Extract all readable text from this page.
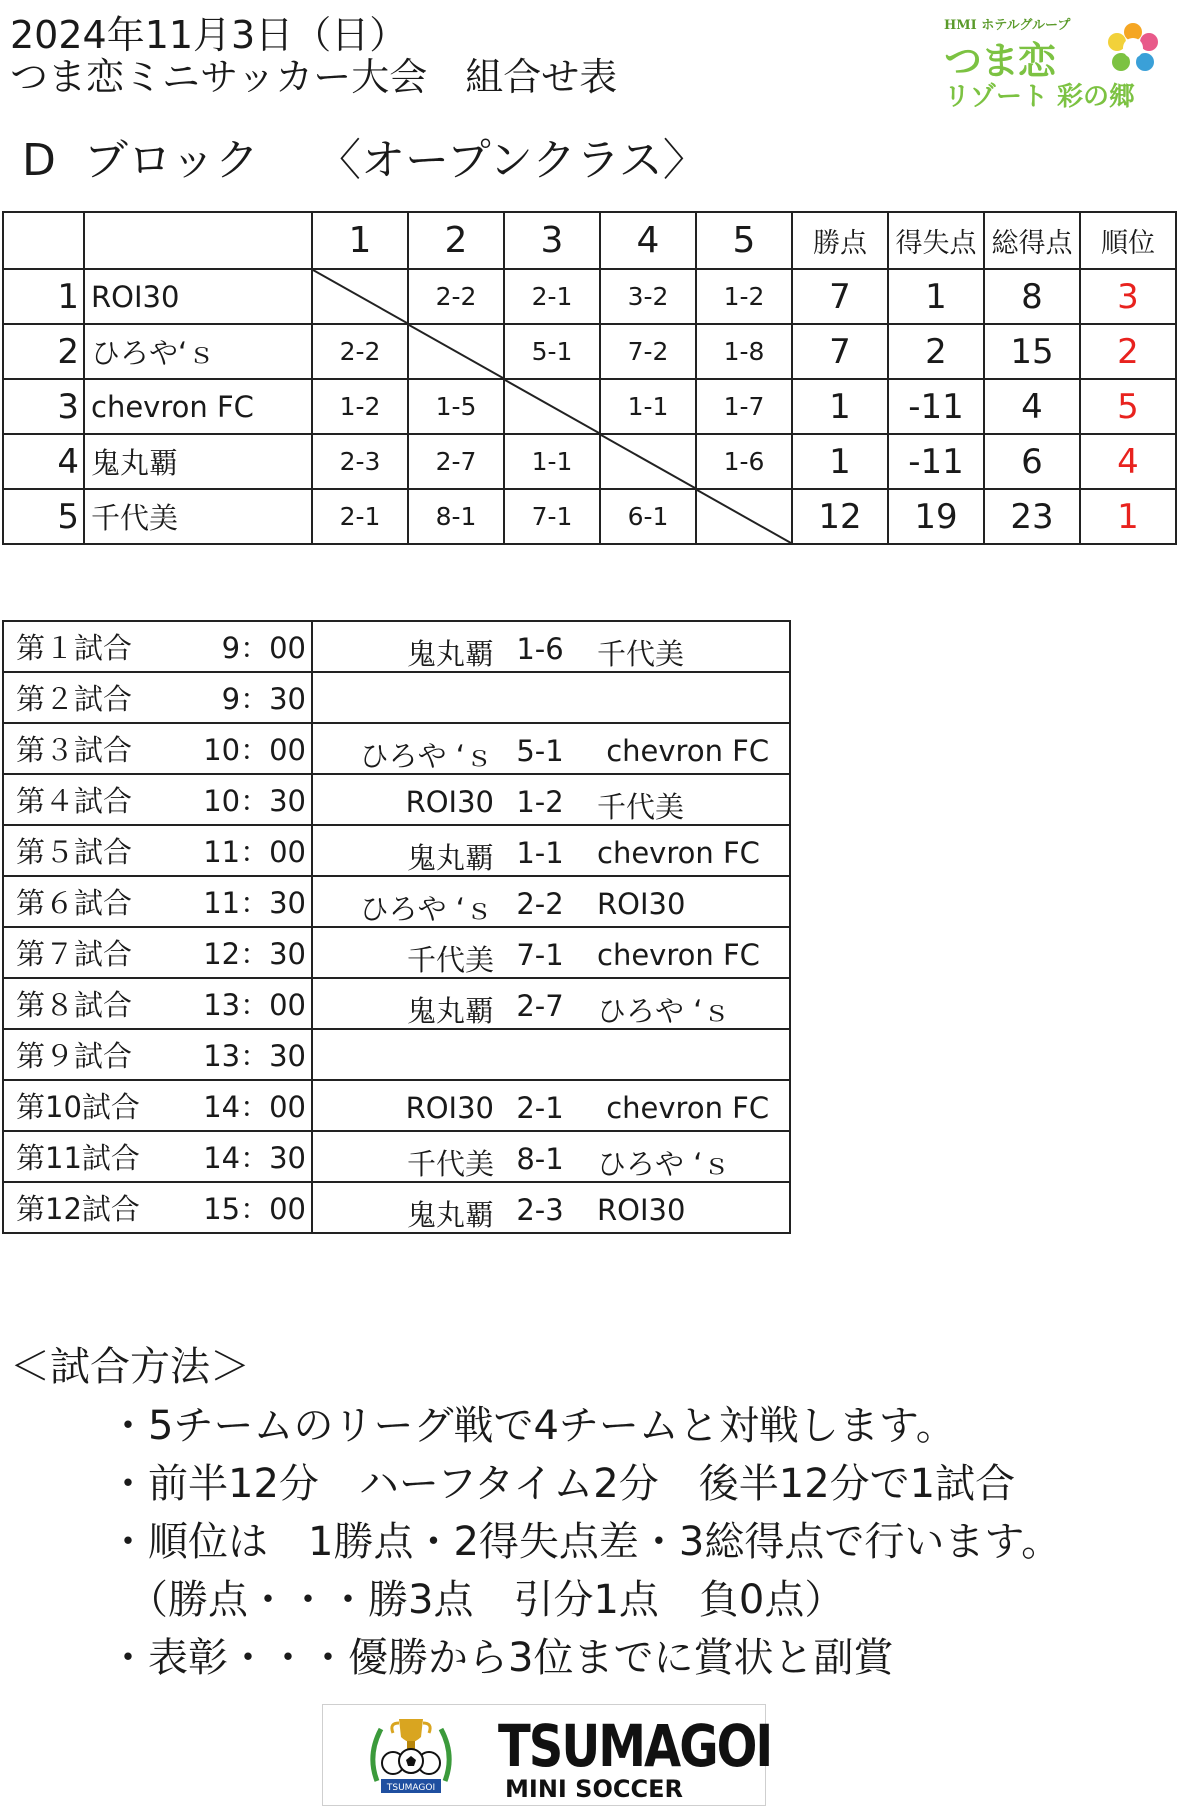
2024年11月3日（日）
つま恋ミニサッカー大会　組合せ表
D  ブロック　 〈オープンクラス〉
HMI ホテルグループ
つま恋
リゾート 彩の郷
		1	2	3	4	5	勝点	得失点	総得点	順位
1	ROI30		2-2	2-1	3-2	1-2	7	1	8	3
2	ひろや‘ｓ	2-2		5-1	7-2	1-8	7	2	15	2
3	chevron FC	1-2	1-5		1-1	1-7	1	-11	4	5
4	鬼丸覇	2-3	2-7	1-1		1-6	1	-11	6	4
5	千代美	2-1	8-1	7-1	6-1		12	19	23	1
第１試合 9：00	鬼丸覇 1-6 千代美

第２試合 9：30	

第３試合 10：00	ひろや ‘ｓ 5-1 chevron FC

第４試合 10：30	ROI30 1-2 千代美

第５試合 11：00	鬼丸覇 1-1 chevron FC

第６試合 11：30	ひろや ‘ｓ 2-2 ROI30

第７試合 12：30	千代美 7-1 chevron FC

第８試合 13：00	鬼丸覇 2-7 ひろや ‘ｓ

第９試合 13：30	

第10試合 14：00	ROI30 2-1 chevron FC

第11試合 14：30	千代美 8-1 ひろや ‘ｓ

第12試合 15：00	鬼丸覇 2-3 ROI30
＜試合方法＞
・5チームのリーグ戦で4チームと対戦します。
・前半12分　ハーフタイム2分　後半12分で1試合
・順位は　1勝点・2得失点差・3総得点で行います。
　（勝点・・・勝3点　引分1点　負0点）
・表彰・・・優勝から3位までに賞状と副賞
TSUMAGOI
TSUMAGOI
MINI SOCCER
